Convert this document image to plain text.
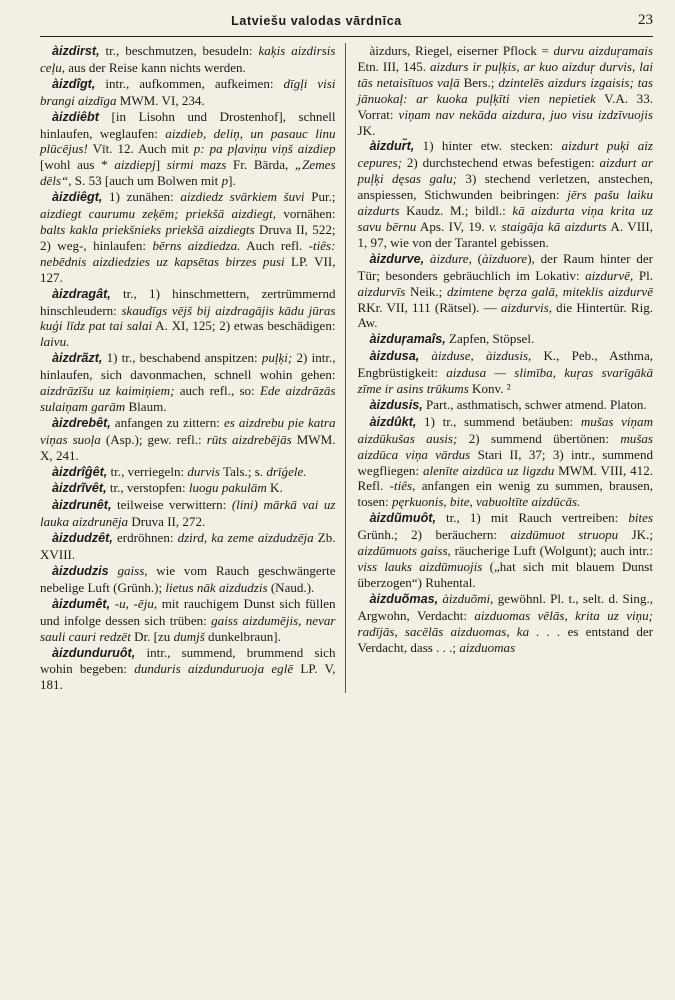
Latviešu valodas vārdnīca	23

àizdirst, tr., beschmutzen, besudeln: kaķis aizdirsis ceļu, aus der Reise kann nichts werden.

àizdîgt, intr., aufkommen, aufkeimen: dīgļi visi brangi aizdīga MWM. VI, 234.

àizdiêbt [in Lisohn und Drostenhof], schnell hinlaufen, weglaufen: aizdieb, deliņ, un pasauc linu plūcējus! Vīt. 12. Auch mit p: pa pļaviņu viņš aizdiep [wohl aus * aizdiepj] sirmi mazs Fr. Bārda, „Zemes dēls“, S. 53 [auch um Bolwen mit p].

àizdiêgt, 1) zunähen: aizdiedz svārkiem šuvi Pur.; aizdiegt caurumu zeķēm; priekšā aizdiegt, vornähen: balts kakla priekšnieks priekšā aizdiegts Druva II, 522; 2) weg-, hinlaufen: bērns aizdiedza. Auch refl. -tiês: nebēdnis aizdiedzies uz kapsētas birzes pusi LP. VII, 127.

àizdragât, tr., 1) hinschmettern, zertrümmernd hinschleudern: skaudīgs vējš bij aizdragājis kādu jūras kuģi līdz pat tai salai A. XI, 125; 2) etwas beschädigen: laivu.

àizdrãzt, 1) tr., beschabend anspitzen: puļķi; 2) intr., hinlaufen, sich davonmachen, schnell wohin gehen: aizdrāzīšu uz kaimiņiem; auch refl., so: Ede aizdrāzās sulaiņam garām Blaum.

àizdrebêt, anfangen zu zittern: es aizdrebu pie katra viņas suoļa (Asp.); gew. refl.: rūts aizdrebējās MWM. X, 241.

àizdrîĝêt, tr., verriegeln: durvis Tals.; s. drīģele.

àizdrĩvêt, tr., verstopfen: luogu pakulām K.

àizdrunêt, teilweise verwittern: (lini) mārkā vai uz lauka aizdrunēja Druva II, 272.

àizdudzêt, erdröhnen: dzird, ka zeme aizdudzēja Zb. XVIII.

àizdudzis gaiss, wie vom Rauch geschwängerte nebelige Luft (Grünh.); lietus nāk aizdudzis (Naud.).

àizdumêt, -u, -ēju, mit rauchigem Dunst sich füllen und infolge dessen sich trüben: gaiss aizdumējis, nevar sauli cauri redzēt Dr. [zu dumjš dunkelbraun].

àizdunduruôt, intr., summend, brummend sich wohin begeben: dunduris aizdunduruoja eglē LP. V, 181.

àizdurs, Riegel, eiserner Pflock = durvu aizduŗamais Etn. III, 145. aizdurs ir puļķis, ar kuo aizduŗ durvis, lai tās netaisītuos vaļā Bers.; dzintelēs aizdurs izgaisis; tas jānuokaļ: ar kuoka puļķīti vien nepietiek V.A. 33. Vorrat: viņam nav nekāda aizdura, juo visu izdzīvuojis JK.

àizdur̃t, 1) hinter etw. stecken: aizdurt puķi aiz cepures; 2) durchstechend etwas befestigen: aizdurt ar puļķi dęsas galu; 3) stechend verletzen, anstechen, anspiessen, Stichwunden beibringen: jērs pašu laiku aizdurts Kaudz. M.; bildl.: kā aizdurta viņa krita uz savu bērnu Aps. IV, 19. v. staigāja kā aizdurts A. VIII, 1, 97, wie von der Tarantel gebissen.

àizdurve, àizdure, (àizduore), der Raum hinter der Tür; besonders gebräuchlich im Lokativ: aizdurvē, Pl. aizdurvīs Neik.; dzimtene bęrza galā, miteklis aizdurvē RKr. VII, 111 (Rätsel). — aizdurvis, die Hintertür. Rig. Aw.

àizduŗamaîs, Zapfen, Stöpsel.

àizdusa, àizduse, àizdusis, K., Peb., Asthma, Engbrüstigkeit: aizdusa — slimība, kuŗas svarīgākā zīme ir asins trūkums Konv. ²

àizdusis, Part., asthmatisch, schwer atmend. Platon.

àizdûkt, 1) tr., summend betäuben: mušas viņam aizdūkušas ausis; 2) summend übertönen: mušas aizdūca viņa vārdus Stari II, 37; 3) intr., summend wegfliegen: alenīte aizdūca uz ligzdu MWM. VIII, 412. Refl. -tiês, anfangen ein wenig zu summen, brausen, tosen: pęrkuonis, bite, vabuoltīte aizdūcās.

àizdũmuôt, tr., 1) mit Rauch vertreiben: bites Grünh.; 2) beräuchern: aizdūmuot struopu JK.; aizdūmuots gaiss, räucherige Luft (Wolgunt); auch intr.: viss lauks aizdūmuojis („hat sich mit blauem Dunst überzogen“) Ruhental.

àizduõmas, àizduõmi, gewöhnl. Pl. t., selt. d. Sing., Argwohn, Verdacht: aizduomas vēlās, krita uz viņu; radījās, sacēlās aizduomas, ka . . . es entstand der Verdacht, dass . . .; aizduomas
